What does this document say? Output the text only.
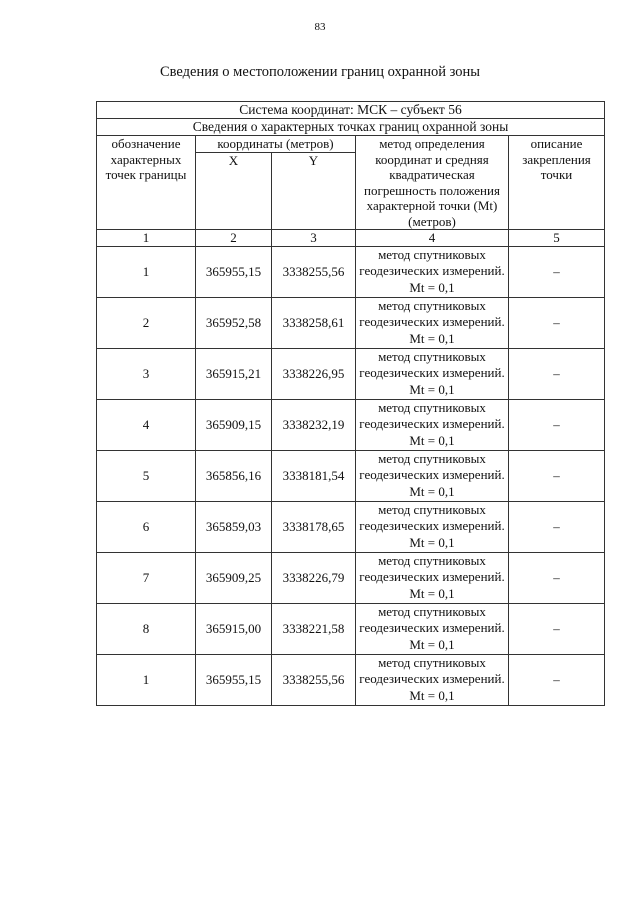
83
Сведения о местоположении границ охранной зоны
Система координат: МСК – субъект 56				
Сведения о характерных точках границ охранной зоны				
обозначение характерных точек границы	координаты (метров)		метод определения координат и средняя квадратическая погрешность положения характерной точки (Mt) (метров)	описание закрепления точки
	X	Y		
1	2	3	4	5
1	365955,15	3338255,56	метод спутниковых геодезических измерений. Mt = 0,1	–
2	365952,58	3338258,61	метод спутниковых геодезических измерений. Mt = 0,1	–
3	365915,21	3338226,95	метод спутниковых геодезических измерений. Mt = 0,1	–
4	365909,15	3338232,19	метод спутниковых геодезических измерений. Mt = 0,1	–
5	365856,16	3338181,54	метод спутниковых геодезических измерений. Mt = 0,1	–
6	365859,03	3338178,65	метод спутниковых геодезических измерений. Mt = 0,1	–
7	365909,25	3338226,79	метод спутниковых геодезических измерений. Mt = 0,1	–
8	365915,00	3338221,58	метод спутниковых геодезических измерений. Mt = 0,1	–
1	365955,15	3338255,56	метод спутниковых геодезических измерений. Mt = 0,1	–
